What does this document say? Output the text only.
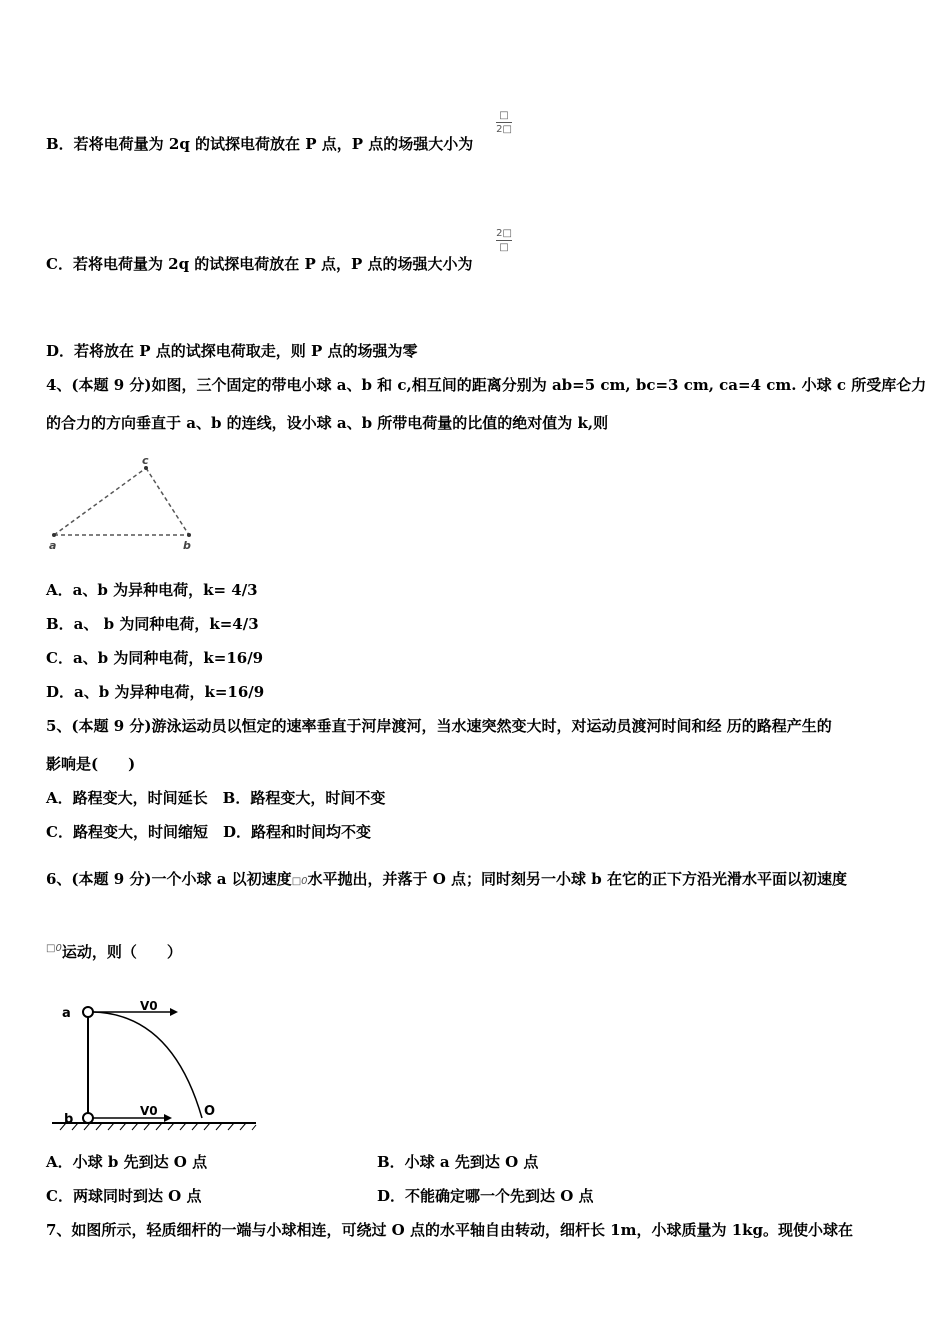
B．若将电荷量为 2q 的试探电荷放在 P 点，P 点的场强大小为
□
2□
C．若将电荷量为 2q 的试探电荷放在 P 点，P 点的场强大小为
2□
□
D．若将放在 P 点的试探电荷取走，则 P 点的场强为零
4、(本题 9 分)如图，三个固定的带电小球 a、b 和 c,相互间的距离分别为 ab=5 cm, bc=3 cm, ca=4 cm. 小球 c 所受库仑力
的合力的方向垂直于 a、b 的连线，设小球 a、b 所带电荷量的比值的绝对值为 k,则
a	b
c
A．a、b 为异种电荷，k= 4/3
B．a、 b 为同种电荷，k=4/3
C．a、b 为同种电荷，k=16/9
D．a、b 为异种电荷，k=16/9
5、(本题 9 分)游泳运动员以恒定的速率垂直于河岸渡河，当水速突然变大时，对运动员渡河时间和经 历的路程产生的
影响是(　　)
A．路程变大，时间延长　B．路程变大，时间不变
C．路程变大，时间缩短　D．路程和时间均不变
6、(本题 9 分)一个小球 a 以初速度□0水平抛出，并落于 O 点；同时刻另一小球 b 在它的正下方沿光滑水平面以初速度
$^{□0}$运动，则（　　）
a
b
V0
V0	O
A．小球 b 先到达 O 点	B．小球 a 先到达 O 点
C．两球同时到达 O 点	D．不能确定哪一个先到达 O 点
7、如图所示，轻质细杆的一端与小球相连，可绕过 O 点的水平轴自由转动，细杆长 1m，小球质量为 1kg。现使小球在
